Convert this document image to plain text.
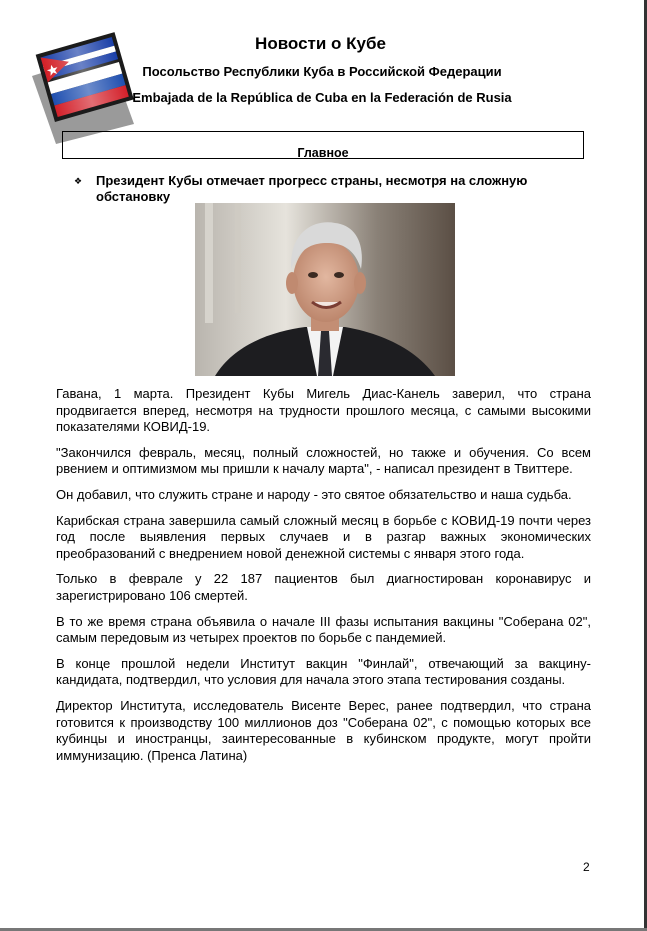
Новости о Кубе
Посольство Республики Куба в Российской Федерации
Embajada de la República de Cuba en la Federación de Rusia
Главное
❖ Президент Кубы отмечает прогресс страны, несмотря на сложную обстановку

Гавана, 1 марта. Президент Кубы Мигель Диас-Канель заверил, что страна продвигается вперед, несмотря на трудности прошлого месяца, с самыми высокими показателями КОВИД-19.

"Закончился февраль, месяц, полный сложностей, но также и обучения. Со всем рвением и оптимизмом мы пришли к началу марта", - написал президент в Твиттере.

Он добавил, что служить стране и народу - это святое обязательство и наша судьба.

Карибская страна завершила самый сложный месяц в борьбе с КОВИД-19 почти через год после выявления первых случаев и в разгар важных экономических преобразований с внедрением новой денежной системы с января этого года.

Только в феврале у 22 187 пациентов был диагностирован коронавирус и зарегистрировано 106 смертей.

В то же время страна объявила о начале III фазы испытания вакцины "Соберана 02", самым передовым из четырех проектов по борьбе с пандемией.

В конце прошлой недели Институт вакцин "Финлай", отвечающий за вакцину-кандидата, подтвердил, что условия для начала этого этапа тестирования созданы.

Директор Института, исследователь Висенте Верес, ранее подтвердил, что страна готовится к производству 100 миллионов доз "Соберана 02", с помощью которых все кубинцы и иностранцы, заинтересованные в кубинском продукте, могут пройти иммунизацию. (Пренса Латина)

2
